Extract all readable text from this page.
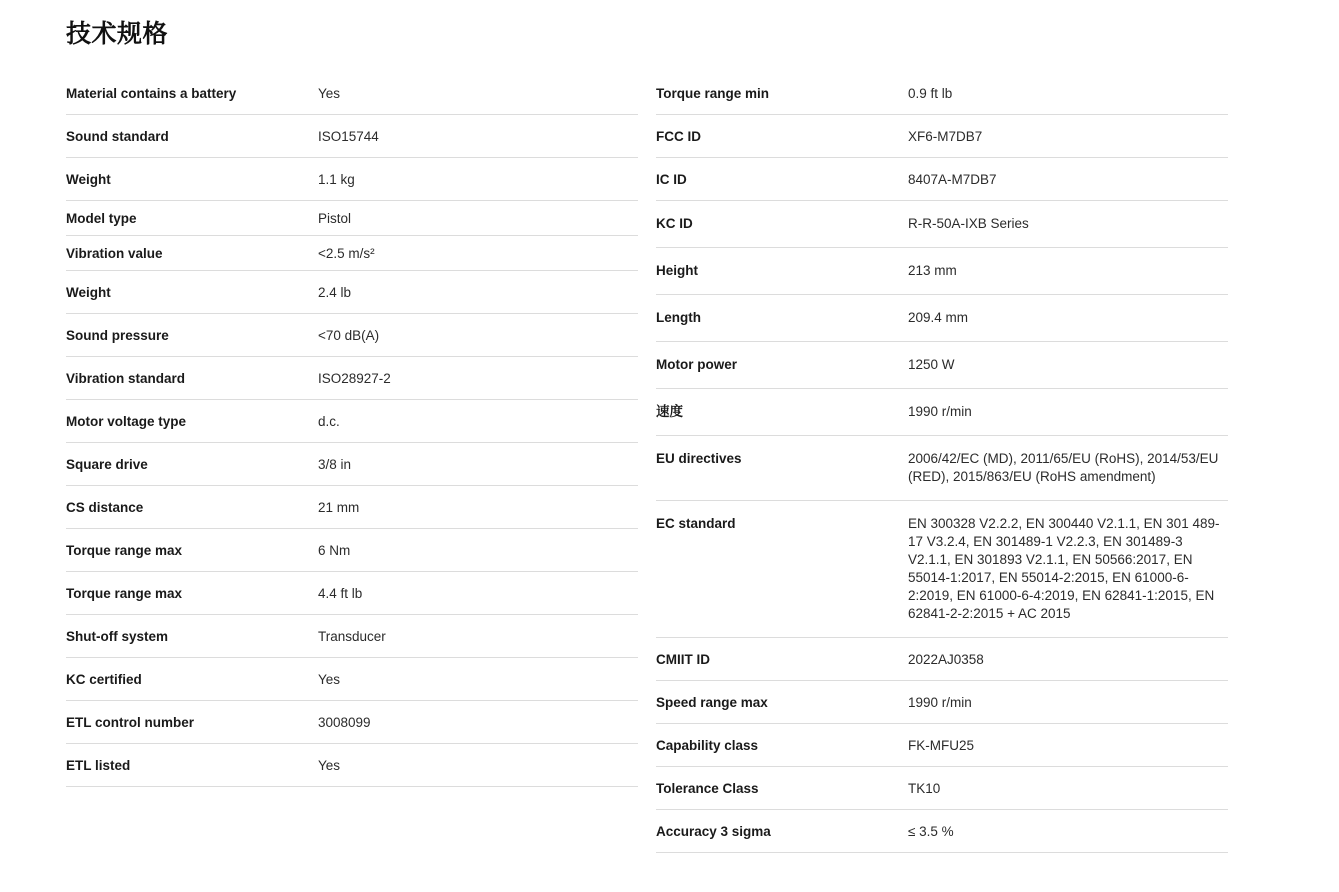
技术规格
Material contains a battery	Yes
Sound standard	ISO15744
Weight	1.1 kg
Model type	Pistol
Vibration value	<2.5 m/s²
Weight	2.4 lb
Sound pressure	<70 dB(A)
Vibration standard	ISO28927-2
Motor voltage type	d.c.
Square drive	3/8 in
CS distance	21 mm
Torque range max	6 Nm
Torque range max	4.4 ft lb
Shut-off system	Transducer
KC certified	Yes
ETL control number	3008099
ETL listed	Yes
Torque range min	0.9 ft lb
FCC ID	XF6-M7DB7
IC ID	8407A-M7DB7
KC ID	R-R-50A-IXB Series
Height	213 mm
Length	209.4 mm
Motor power	1250 W
速度	1990 r/min
EU directives	2006/42/EC (MD), 2011/65/EU (RoHS), 2014/53/EU (RED), 2015/863/EU (RoHS amendment)
EC standard	EN 300328 V2.2.2, EN 300440 V2.1.1, EN 301 489-17 V3.2.4, EN 301489-1 V2.2.3, EN 301489-3 V2.1.1, EN 301893 V2.1.1, EN 50566:2017, EN 55014-1:2017, EN 55014-2:2015, EN 61000-6-2:2019, EN 61000-6-4:2019, EN 62841-1:2015, EN 62841-2-2:2015 + AC 2015
CMIIT ID	2022AJ0358
Speed range max	1990 r/min
Capability class	FK-MFU25
Tolerance Class	TK10
Accuracy 3 sigma	≤ 3.5 %
